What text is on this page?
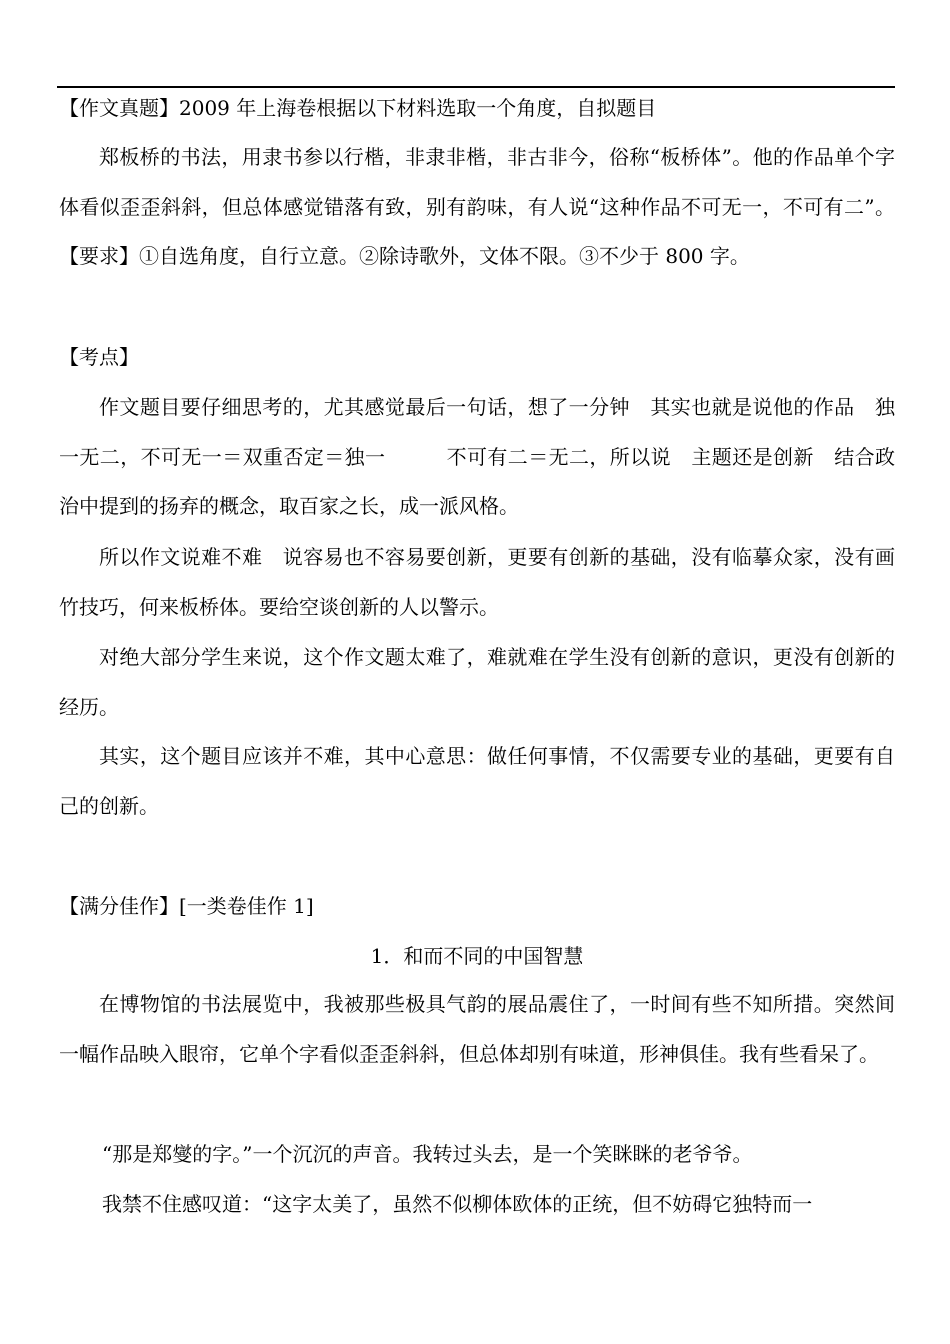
【作文真题】2009 年上海卷根据以下材料选取一个角度，自拟题目

郑板桥的书法，用隶书参以行楷，非隶非楷，非古非今，俗称“板桥体”。他的作品单个字体看似歪歪斜斜，但总体感觉错落有致，别有韵味，有人说“这种作品不可无一，不可有二”。 【要求】①自选角度，自行立意。②除诗歌外，文体不限。③不少于 800 字。

【考点】

作文题目要仔细思考的，尤其感觉最后一句话，想了一分钟　其实也就是说他的作品　独一无二，不可无一＝双重否定＝独一　　　不可有二＝无二，所以说　主题还是创新　结合政治中提到的扬弃的概念，取百家之长，成一派风格。

所以作文说难不难　说容易也不容易要创新，更要有创新的基础，没有临摹众家，没有画竹技巧，何来板桥体。要给空谈创新的人以警示。

对绝大部分学生来说，这个作文题太难了，难就难在学生没有创新的意识，更没有创新的经历。

其实，这个题目应该并不难，其中心意思：做任何事情，不仅需要专业的基础，更要有自己的创新。

【满分佳作】[一类卷佳作 1]

1．和而不同的中国智慧

在博物馆的书法展览中，我被那些极具气韵的展品震住了，一时间有些不知所措。突然间一幅作品映入眼帘，它单个字看似歪歪斜斜，但总体却别有味道，形神俱佳。我有些看呆了。

“那是郑燮的字。”一个沉沉的声音。我转过头去，是一个笑眯眯的老爷爷。

我禁不住感叹道：“这字太美了，虽然不似柳体欧体的正统，但不妨碍它独特而一
